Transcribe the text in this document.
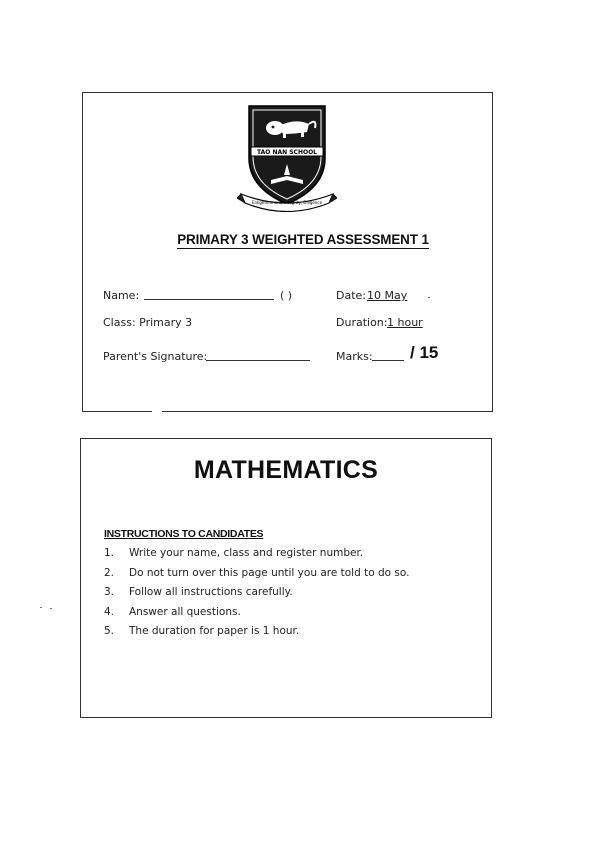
TAO NAN SCHOOL
Enlightenment, Integrity, Diligence
PRIMARY 3 WEIGHTED ASSESSMENT 1
Name:	( )	Date: 10 May
Class: Primary 3	Duration: 1 hour
Parent's Signature:	Marks: / 15
MATHEMATICS
INSTRUCTIONS TO CANDIDATES
1. Write your name, class and register number.
2. Do not turn over this page until you are told to do so.
3. Follow all instructions carefully.
4. Answer all questions.
5. The duration for paper is 1 hour.
